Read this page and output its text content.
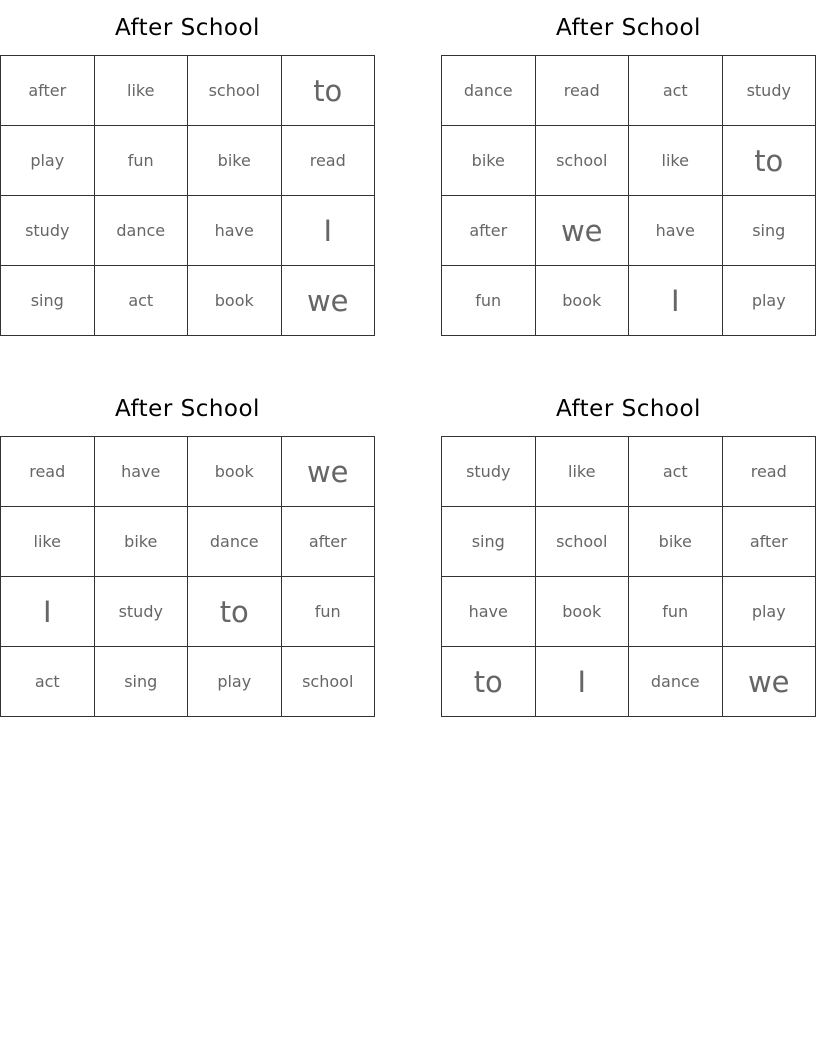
After School
after	like	school	to
play	fun	bike	read
study	dance	have	I
sing	act	book	we
After School
dance	read	act	study
bike	school	like	to
after	we	have	sing
fun	book	I	play
After School
read	have	book	we
like	bike	dance	after
I	study	to	fun
act	sing	play	school
After School
study	like	act	read
sing	school	bike	after
have	book	fun	play
to	I	dance	we
